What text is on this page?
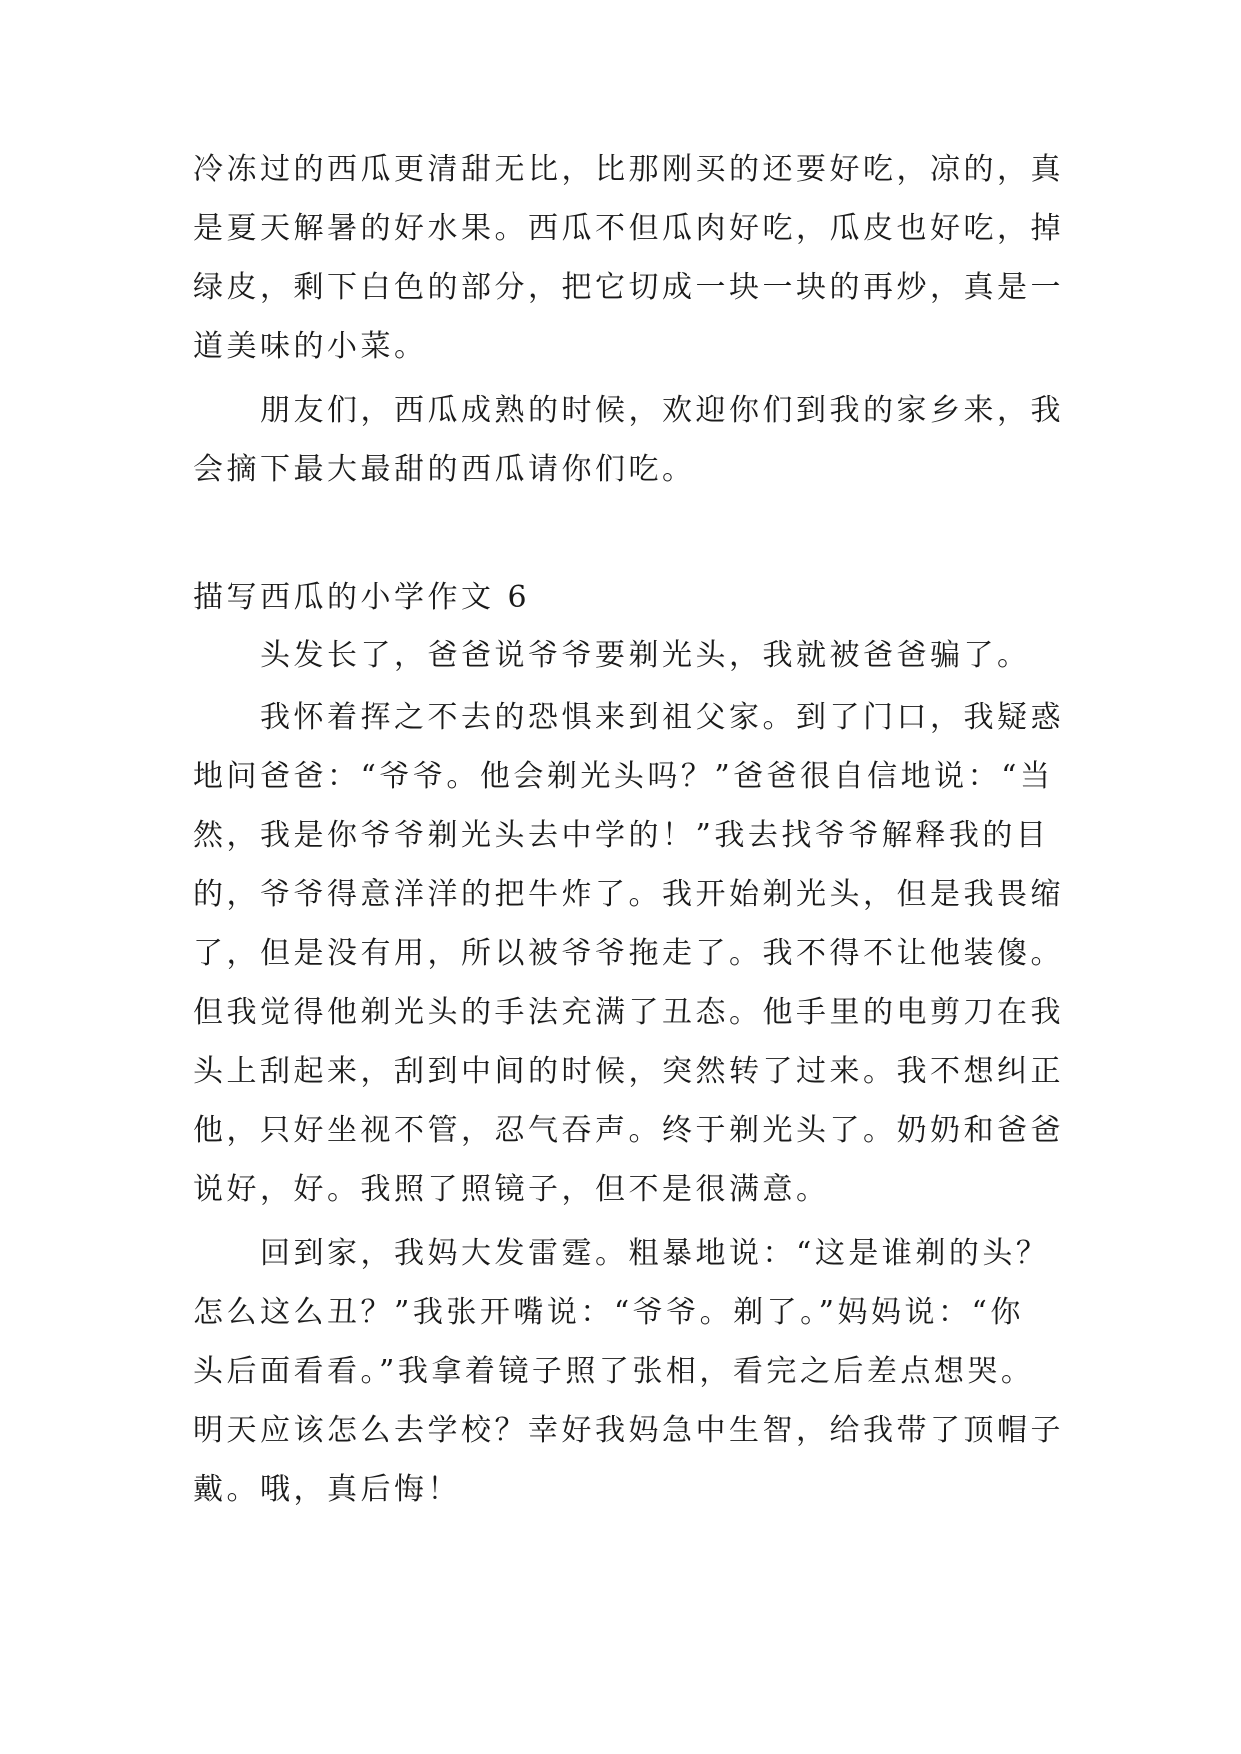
冷冻过的西瓜更清甜无比，比那刚买的还要好吃，凉的，真
是夏天解暑的好水果。西瓜不但瓜肉好吃，瓜皮也好吃，掉
绿皮，剩下白色的部分，把它切成一块一块的再炒，真是一
道美味的小菜。
　　朋友们，西瓜成熟的时候，欢迎你们到我的家乡来，我
会摘下最大最甜的西瓜请你们吃。
描写西瓜的小学作文 6
　　头发长了，爸爸说爷爷要剃光头，我就被爸爸骗了。
　　我怀着挥之不去的恐惧来到祖父家。到了门口，我疑惑
地问爸爸：“爷爷。他会剃光头吗？”爸爸很自信地说：“当
然，我是你爷爷剃光头去中学的！”我去找爷爷解释我的目
的，爷爷得意洋洋的把牛炸了。我开始剃光头，但是我畏缩
了，但是没有用，所以被爷爷拖走了。我不得不让他装傻。
但我觉得他剃光头的手法充满了丑态。他手里的电剪刀在我
头上刮起来，刮到中间的时候，突然转了过来。我不想纠正
他，只好坐视不管，忍气吞声。终于剃光头了。奶奶和爸爸
说好，好。我照了照镜子，但不是很满意。
　　回到家，我妈大发雷霆。粗暴地说：“这是谁剃的头？
怎么这么丑？”我张开嘴说：“爷爷。剃了。”妈妈说：“你
头后面看看。”我拿着镜子照了张相，看完之后差点想哭。
明天应该怎么去学校？幸好我妈急中生智，给我带了顶帽子
戴。哦，真后悔！
